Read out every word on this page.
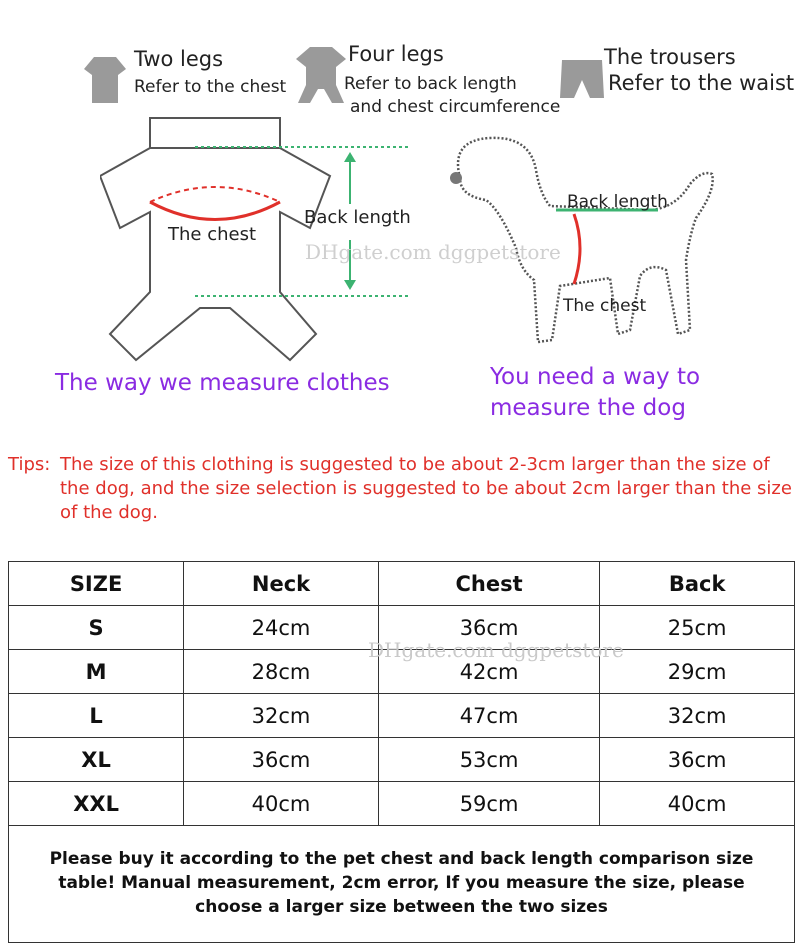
Two legs
Refer to the chest
Four legs
Refer to back length
and chest circumference
The trousers
Refer to the waist
The chest
Back length
Back length
The chest
DHgate.com dggpetstore
The way we measure clothes	You need a way to measure the dog
Tips: The size of this clothing is suggested to be about 2-3cm larger than the size of the dog, and the size selection is suggested to be about 2cm larger than the size of the dog.
SIZE	Neck	Chest	Back
S	24cm	36cm	25cm
M	28cm	42cm	29cm
L	32cm	47cm	32cm
XL	36cm	53cm	36cm
XXL	40cm	59cm	40cm
Please buy it according to the pet chest and back length comparison size table! Manual measurement, 2cm error, If you measure the size, please choose a larger size between the two sizes			
DHgate.com dggpetstore
